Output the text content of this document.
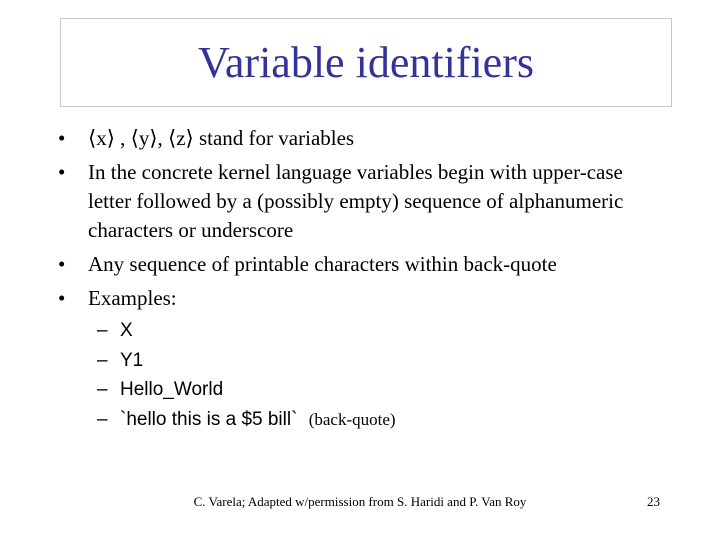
Variable identifiers
•	⟨x⟩ , ⟨y⟩, ⟨z⟩ stand for variables
•	In the concrete kernel language variables begin with upper-case letter followed by a (possibly empty) sequence of alphanumeric characters or underscore
•	Any sequence of printable characters within back-quote
•	Examples:
– X
– Y1
– Hello_World
– `hello this is a $5 bill` (back-quote)
C. Varela; Adapted w/permission from S. Haridi and P. Van Roy	23
